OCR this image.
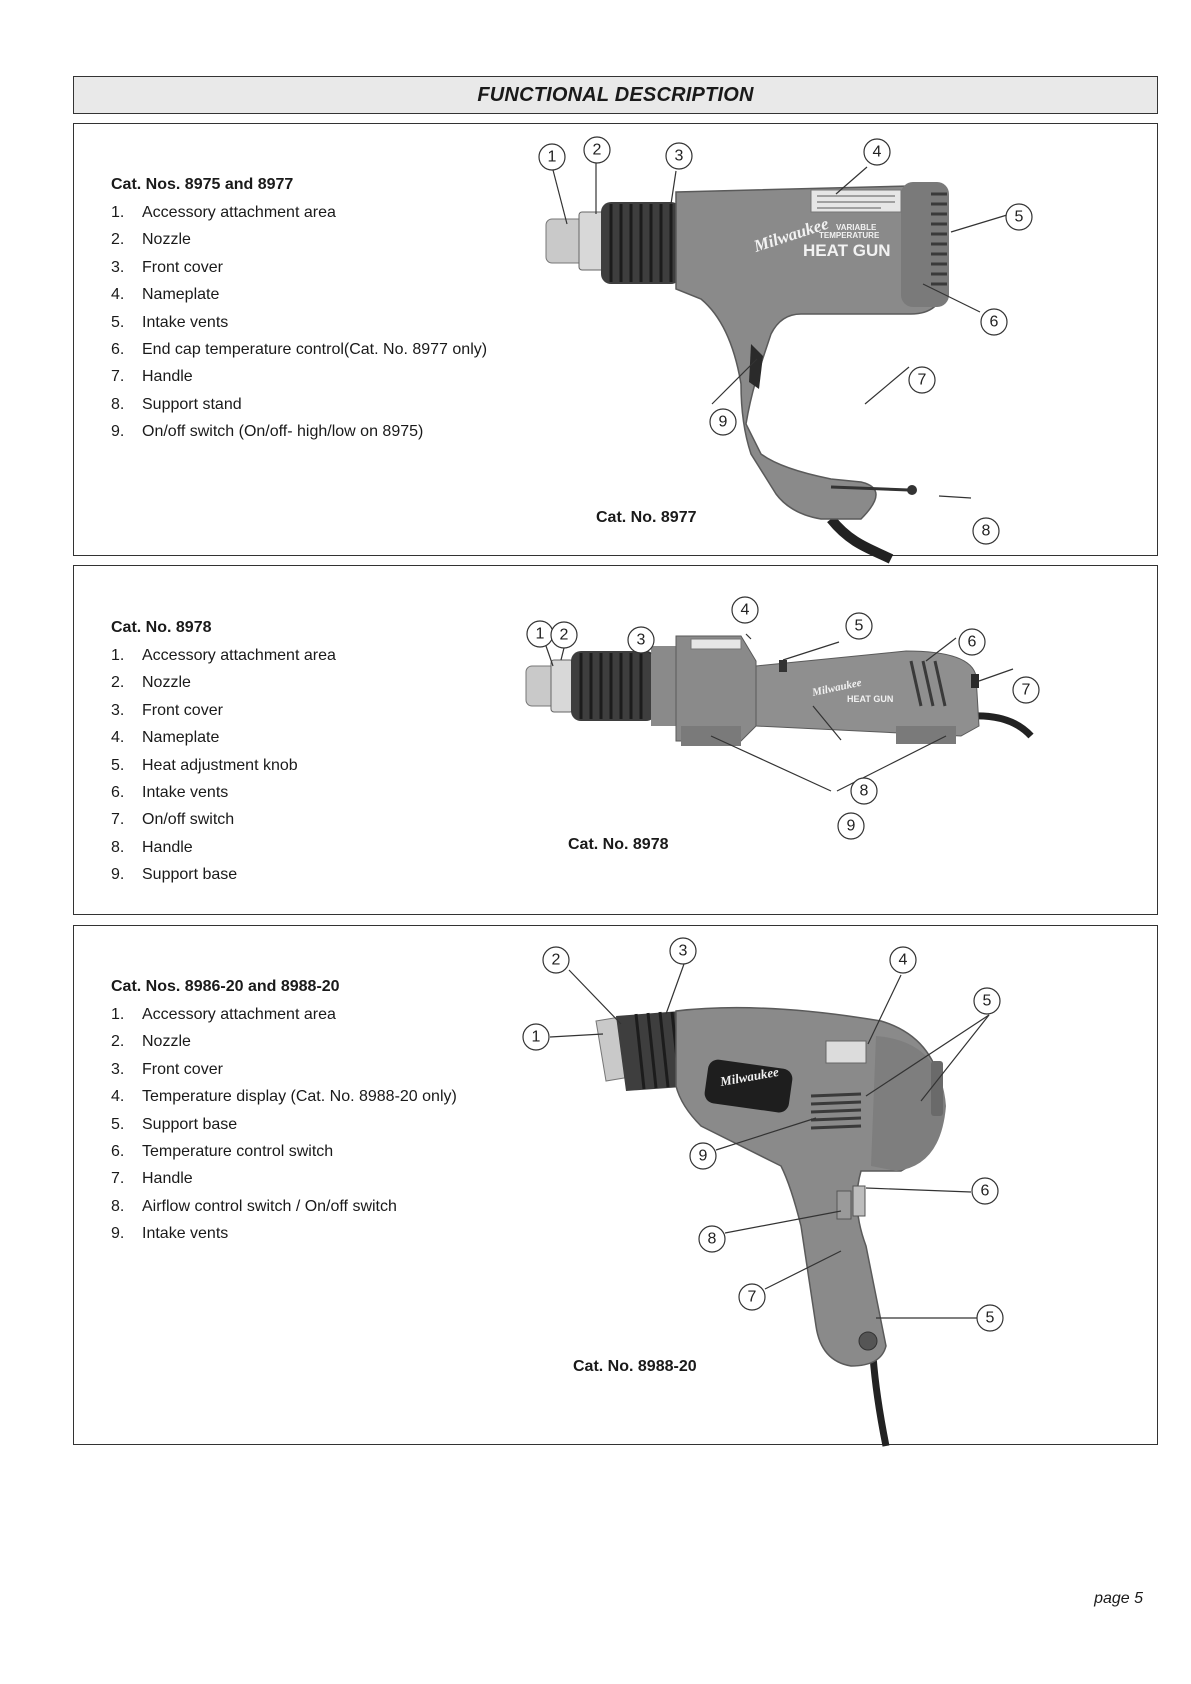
FUNCTIONAL DESCRIPTION
Cat. Nos. 8975 and 8977
1. Accessory attachment area
2. Nozzle
3. Front cover
4. Nameplate
5. Intake vents
6. End cap temperature control(Cat. No. 8977 only)
7. Handle
8. Support stand
9. On/off switch (On/off- high/low on 8975)
Milwaukee VARIABLE
TEMPERATURE
HEAT GUN
1 2	3	4
5
6
7
9
8
Cat. No. 8977
Cat. No. 8978
1. Accessory attachment area
2. Nozzle
3. Front cover
4. Nameplate
5. Heat adjustment knob
6. Intake vents
7. On/off switch
8. Handle
9. Support base
Milwaukee
HEAT GUN
1 2	3
4
5
6
7
8
9
Cat. No. 8978
Cat. Nos. 8986-20 and 8988-20
1. Accessory attachment area
2. Nozzle
3. Front cover
4. Temperature display (Cat. No. 8988-20 only)
5. Support base
6. Temperature control switch
7. Handle
8. Airflow control switch / On/off switch
9. Intake vents
Milwaukee
2
1
3
4
5
9
6
8
7
5
Cat. No. 8988-20
page 5
